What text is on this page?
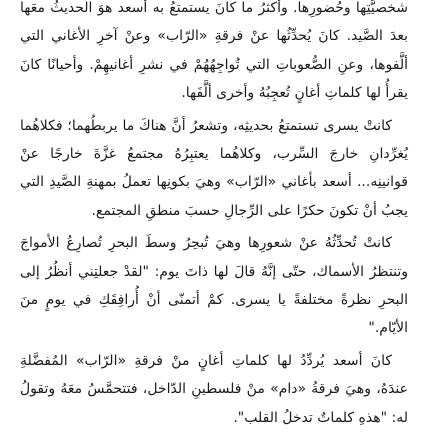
شخصيَّتِها وحُضورِها. وأكثرُ ما كانَ يستمتعُ به أسعد هوَ الحديثُ معَها بعدَ الصَّيد. كانَ يُحدِّثُها عنْ فرقةِ «الرّاب» وعنْ آخرِ الأغاني التي ألَّفوها، وعنِ الصُّعوباتِ التي تُواجِهُهُمْ في نشرِ أغانيهِمْ. وأحيانًا كانَ يقرأُ لها كلماتِ أغانٍ تُعجِبُهُ وأخرى ألَّفَها.

كانتْ يسرى تستمتعُ بحديثِه، وتشعرُ أنَّ هناكَ ما يربطُهما؛ فكلاهُما يُغرِّدانِ خارجَ السِّرب، وكلاهُما يعتبِرُهُ مجتمعُ غزَّةَ خارجًا عنْ قوانينِه... أسعد بأغاني «الرّاب» وهيَ بكونِها تعملُ بمهنةِ الصَّيدِ التي يجبُ أنْ تكونَ حكرًا على الرِّجالِ حسبَ منطقِ المجتمع.

كانتْ تُحدِّثُهُ عنْ شعورِها وهيَ تُبحِرُ وسطَ البحرِ تُصارِعُ الأمواجَ وتنتظرُ الأسماك، حتّى إنَّهُ قالَ لها ذاتَ يوم: "لقدْ جعلتِني أنظُرُ إلى البحرِ نظرةً مختلفةً يا يسرى. كمْ أتمنّى أنْ أُرافِقَكِ في يومٍ منَ الأيّام."

كانَ أسعد يُردِّدُ لها كلماتِ أغانٍ منْ فرقةِ «الرّاب» المُفضَّلةِ عندَهُ، وهيَ فرقةُ «دام» منْ فلسطينِ الدّاخل، فتتحمَّسُ معَهُ وتقولُ له: "هذهِ كلماتٌ تدخلُ القلب".
